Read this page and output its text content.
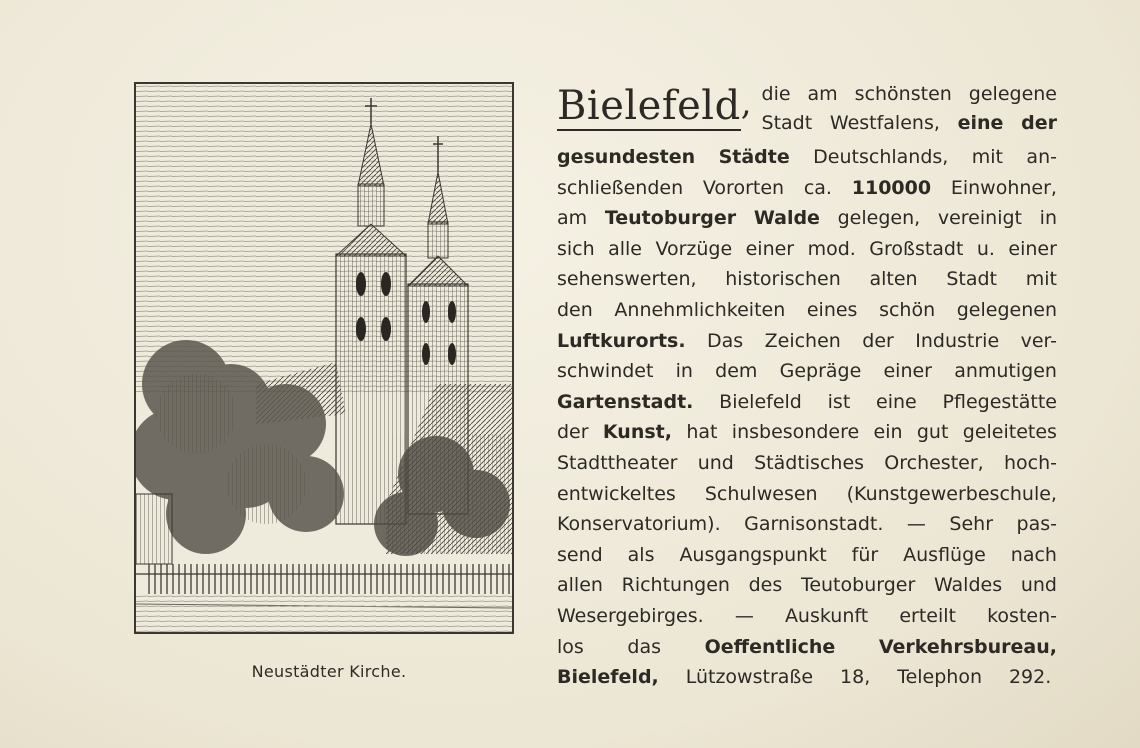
Neustädter Kirche.
Bielefeld , die am schönsten gelegene
Stadt Westfalens, eine der
gesundesten Städte Deutschlands, mit an-
schließenden Vororten ca. 110000 Einwohner,
am Teutoburger Walde gelegen, vereinigt in
sich alle Vorzüge einer mod. Großstadt u. einer
sehenswerten, historischen alten Stadt mit
den Annehmlichkeiten eines schön gelegenen
Luftkurorts. Das Zeichen der Industrie ver-
schwindet in dem Gepräge einer anmutigen
Gartenstadt. Bielefeld ist eine Pflegestätte
der Kunst, hat insbesondere ein gut geleitetes
Stadttheater und Städtisches Orchester, hoch-
entwickeltes Schulwesen (Kunstgewerbeschule,
Konservatorium). Garnisonstadt. — Sehr pas-
send als Ausgangspunkt für Ausflüge nach
allen Richtungen des Teutoburger Waldes und
Wesergebirges. — Auskunft erteilt kosten-
los das Oeffentliche Verkehrsbureau,
Bielefeld, Lützowstraße 18, Telephon 292.
